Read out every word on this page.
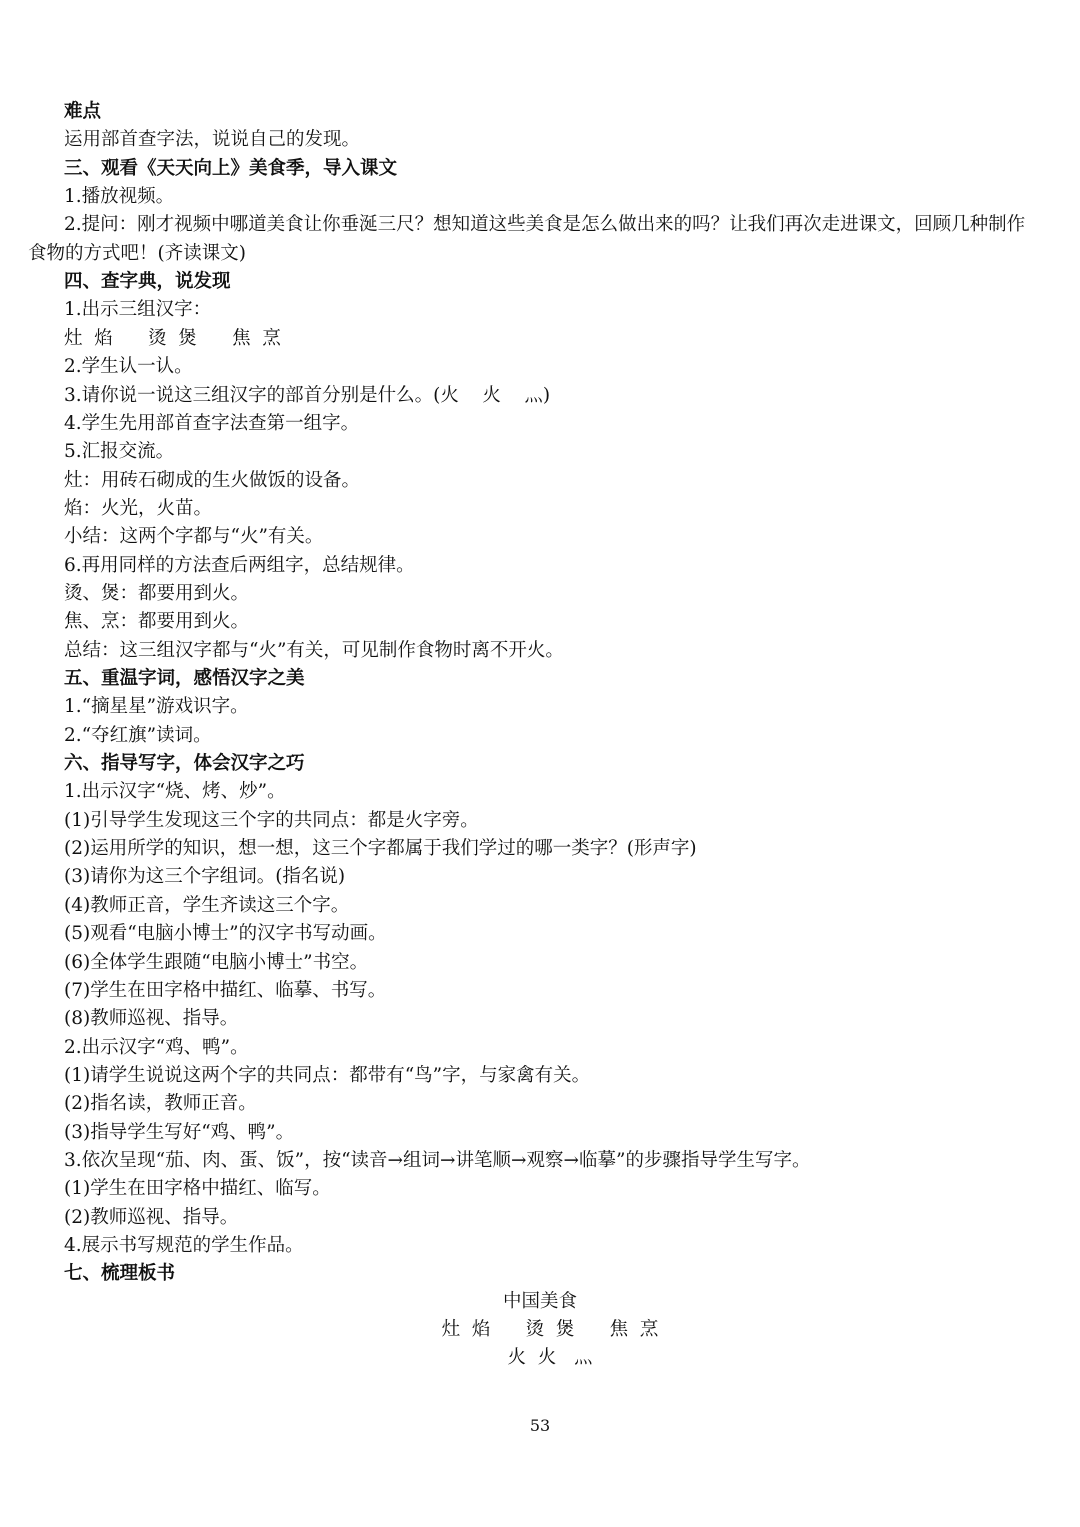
难点
运用部首查字法，说说自己的发现。
三、观看《天天向上》美食季，导入课文
1.播放视频。
2.提问：刚才视频中哪道美食让你垂涎三尺？想知道这些美食是怎么做出来的吗？让我们再次走进课文，回顾几种制作
食物的方式吧！(齐读课文)
四、查字典，说发现
1.出示三组汉字：
灶  焰      烫  煲      焦  烹
2.学生认一认。
3.请你说一说这三组汉字的部首分别是什么。(火    火    灬)
4.学生先用部首查字法查第一组字。
5.汇报交流。
灶：用砖石砌成的生火做饭的设备。
焰：火光，火苗。
小结：这两个字都与“火”有关。
6.再用同样的方法查后两组字，总结规律。
烫、煲：都要用到火。
焦、烹：都要用到火。
总结：这三组汉字都与“火”有关，可见制作食物时离不开火。
五、重温字词，感悟汉字之美
1.“摘星星”游戏识字。
2.“夺红旗”读词。
六、指导写字，体会汉字之巧
1.出示汉字“烧、烤、炒”。
(1)引导学生发现这三个字的共同点：都是火字旁。
(2)运用所学的知识，想一想，这三个字都属于我们学过的哪一类字？(形声字)
(3)请你为这三个字组词。(指名说)
(4)教师正音，学生齐读这三个字。
(5)观看“电脑小博士”的汉字书写动画。
(6)全体学生跟随“电脑小博士”书空。
(7)学生在田字格中描红、临摹、书写。
(8)教师巡视、指导。
2.出示汉字“鸡、鸭”。
(1)请学生说说这两个字的共同点：都带有“鸟”字，与家禽有关。
(2)指名读，教师正音。
(3)指导学生写好“鸡、鸭”。
3.依次呈现“茄、肉、蛋、饭”，按“读音→组词→讲笔顺→观察→临摹”的步骤指导学生写字。
(1)学生在田字格中描红、临写。
(2)教师巡视、指导。
4.展示书写规范的学生作品。
七、梳理板书
中国美食
灶  焰      烫  煲      焦  烹
火  火   灬
53
